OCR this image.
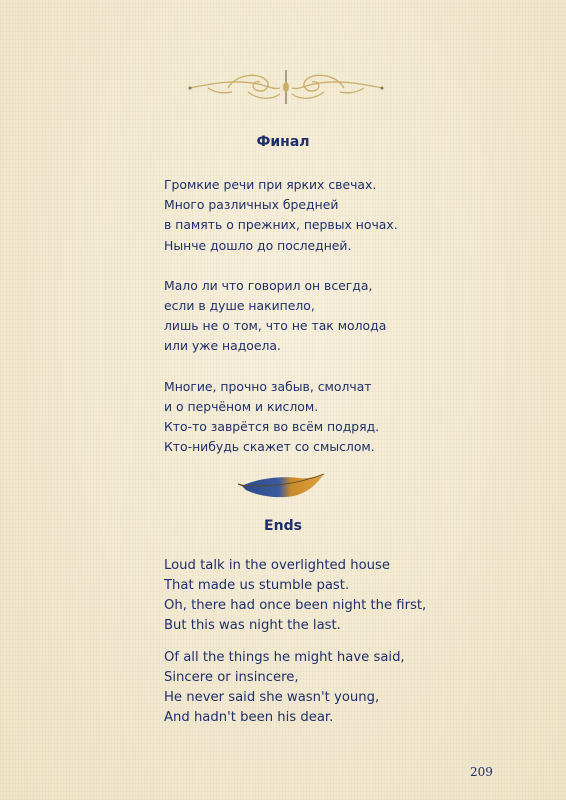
Финал

Громкие речи при ярких свечах.
Много различных бредней
в память о прежних, первых ночах.
Нынче дошло до последней.

Мало ли что говорил он всегда,
если в душе накипело,
лишь не о том, что не так молода
или уже надоела.

Многие, прочно забыв, смолчат
и о перчёном и кислом.
Кто-то заврётся во всём подряд.
Кто-нибудь скажет со смыслом.

Ends

Loud talk in the overlighted house
That made us stumble past.
Oh, there had once been night the first,
But this was night the last.

Of all the things he might have said,
Sincere or insincere,
He never said she wasn't young,
And hadn't been his dear.

209
